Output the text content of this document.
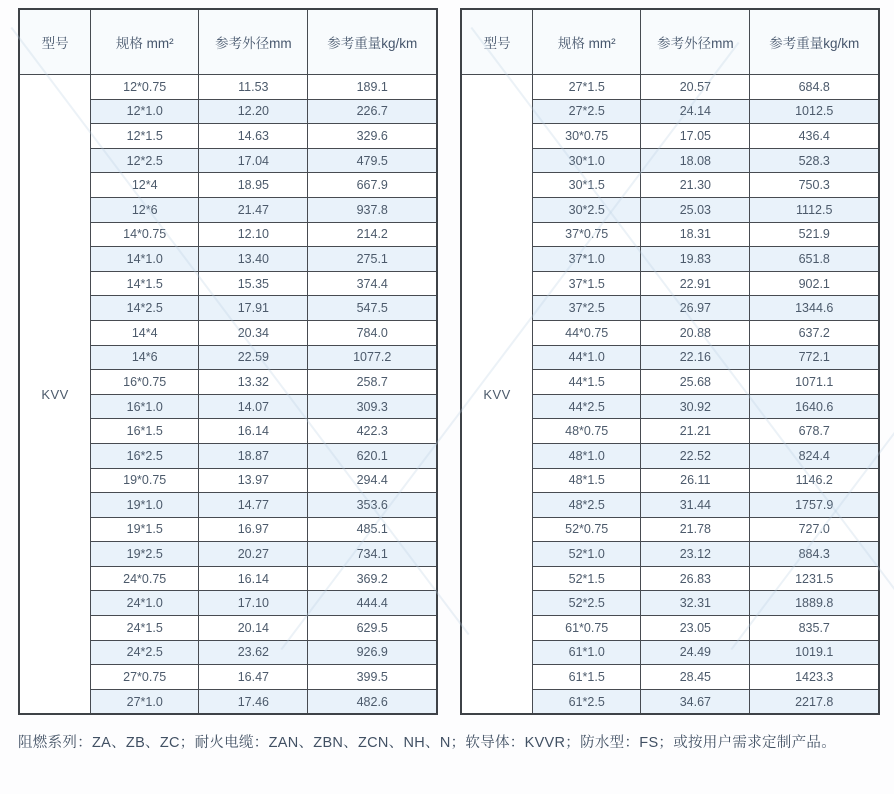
型号	规格 mm²	参考外径mm	参考重量kg/km
KVV	12*0.75	11.53	189.1
	12*1.0	12.20	226.7
	12*1.5	14.63	329.6
	12*2.5	17.04	479.5
	12*4	18.95	667.9
	12*6	21.47	937.8
	14*0.75	12.10	214.2
	14*1.0	13.40	275.1
	14*1.5	15.35	374.4
	14*2.5	17.91	547.5
	14*4	20.34	784.0
	14*6	22.59	1077.2
	16*0.75	13.32	258.7
	16*1.0	14.07	309.3
	16*1.5	16.14	422.3
	16*2.5	18.87	620.1
	19*0.75	13.97	294.4
	19*1.0	14.77	353.6
	19*1.5	16.97	485.1
	19*2.5	20.27	734.1
	24*0.75	16.14	369.2
	24*1.0	17.10	444.4
	24*1.5	20.14	629.5
	24*2.5	23.62	926.9
	27*0.75	16.47	399.5
	27*1.0	17.46	482.6
型号	规格 mm²	参考外径mm	参考重量kg/km
KVV	27*1.5	20.57	684.8
	27*2.5	24.14	1012.5
	30*0.75	17.05	436.4
	30*1.0	18.08	528.3
	30*1.5	21.30	750.3
	30*2.5	25.03	1112.5
	37*0.75	18.31	521.9
	37*1.0	19.83	651.8
	37*1.5	22.91	902.1
	37*2.5	26.97	1344.6
	44*0.75	20.88	637.2
	44*1.0	22.16	772.1
	44*1.5	25.68	1071.1
	44*2.5	30.92	1640.6
	48*0.75	21.21	678.7
	48*1.0	22.52	824.4
	48*1.5	26.11	1146.2
	48*2.5	31.44	1757.9
	52*0.75	21.78	727.0
	52*1.0	23.12	884.3
	52*1.5	26.83	1231.5
	52*2.5	32.31	1889.8
	61*0.75	23.05	835.7
	61*1.0	24.49	1019.1
	61*1.5	28.45	1423.3
	61*2.5	34.67	2217.8
阻燃系列：ZA、ZB、ZC；耐火电缆：ZAN、ZBN、ZCN、NH、N；软导体：KVVR；防水型：FS；或按用户需求定制产品。
